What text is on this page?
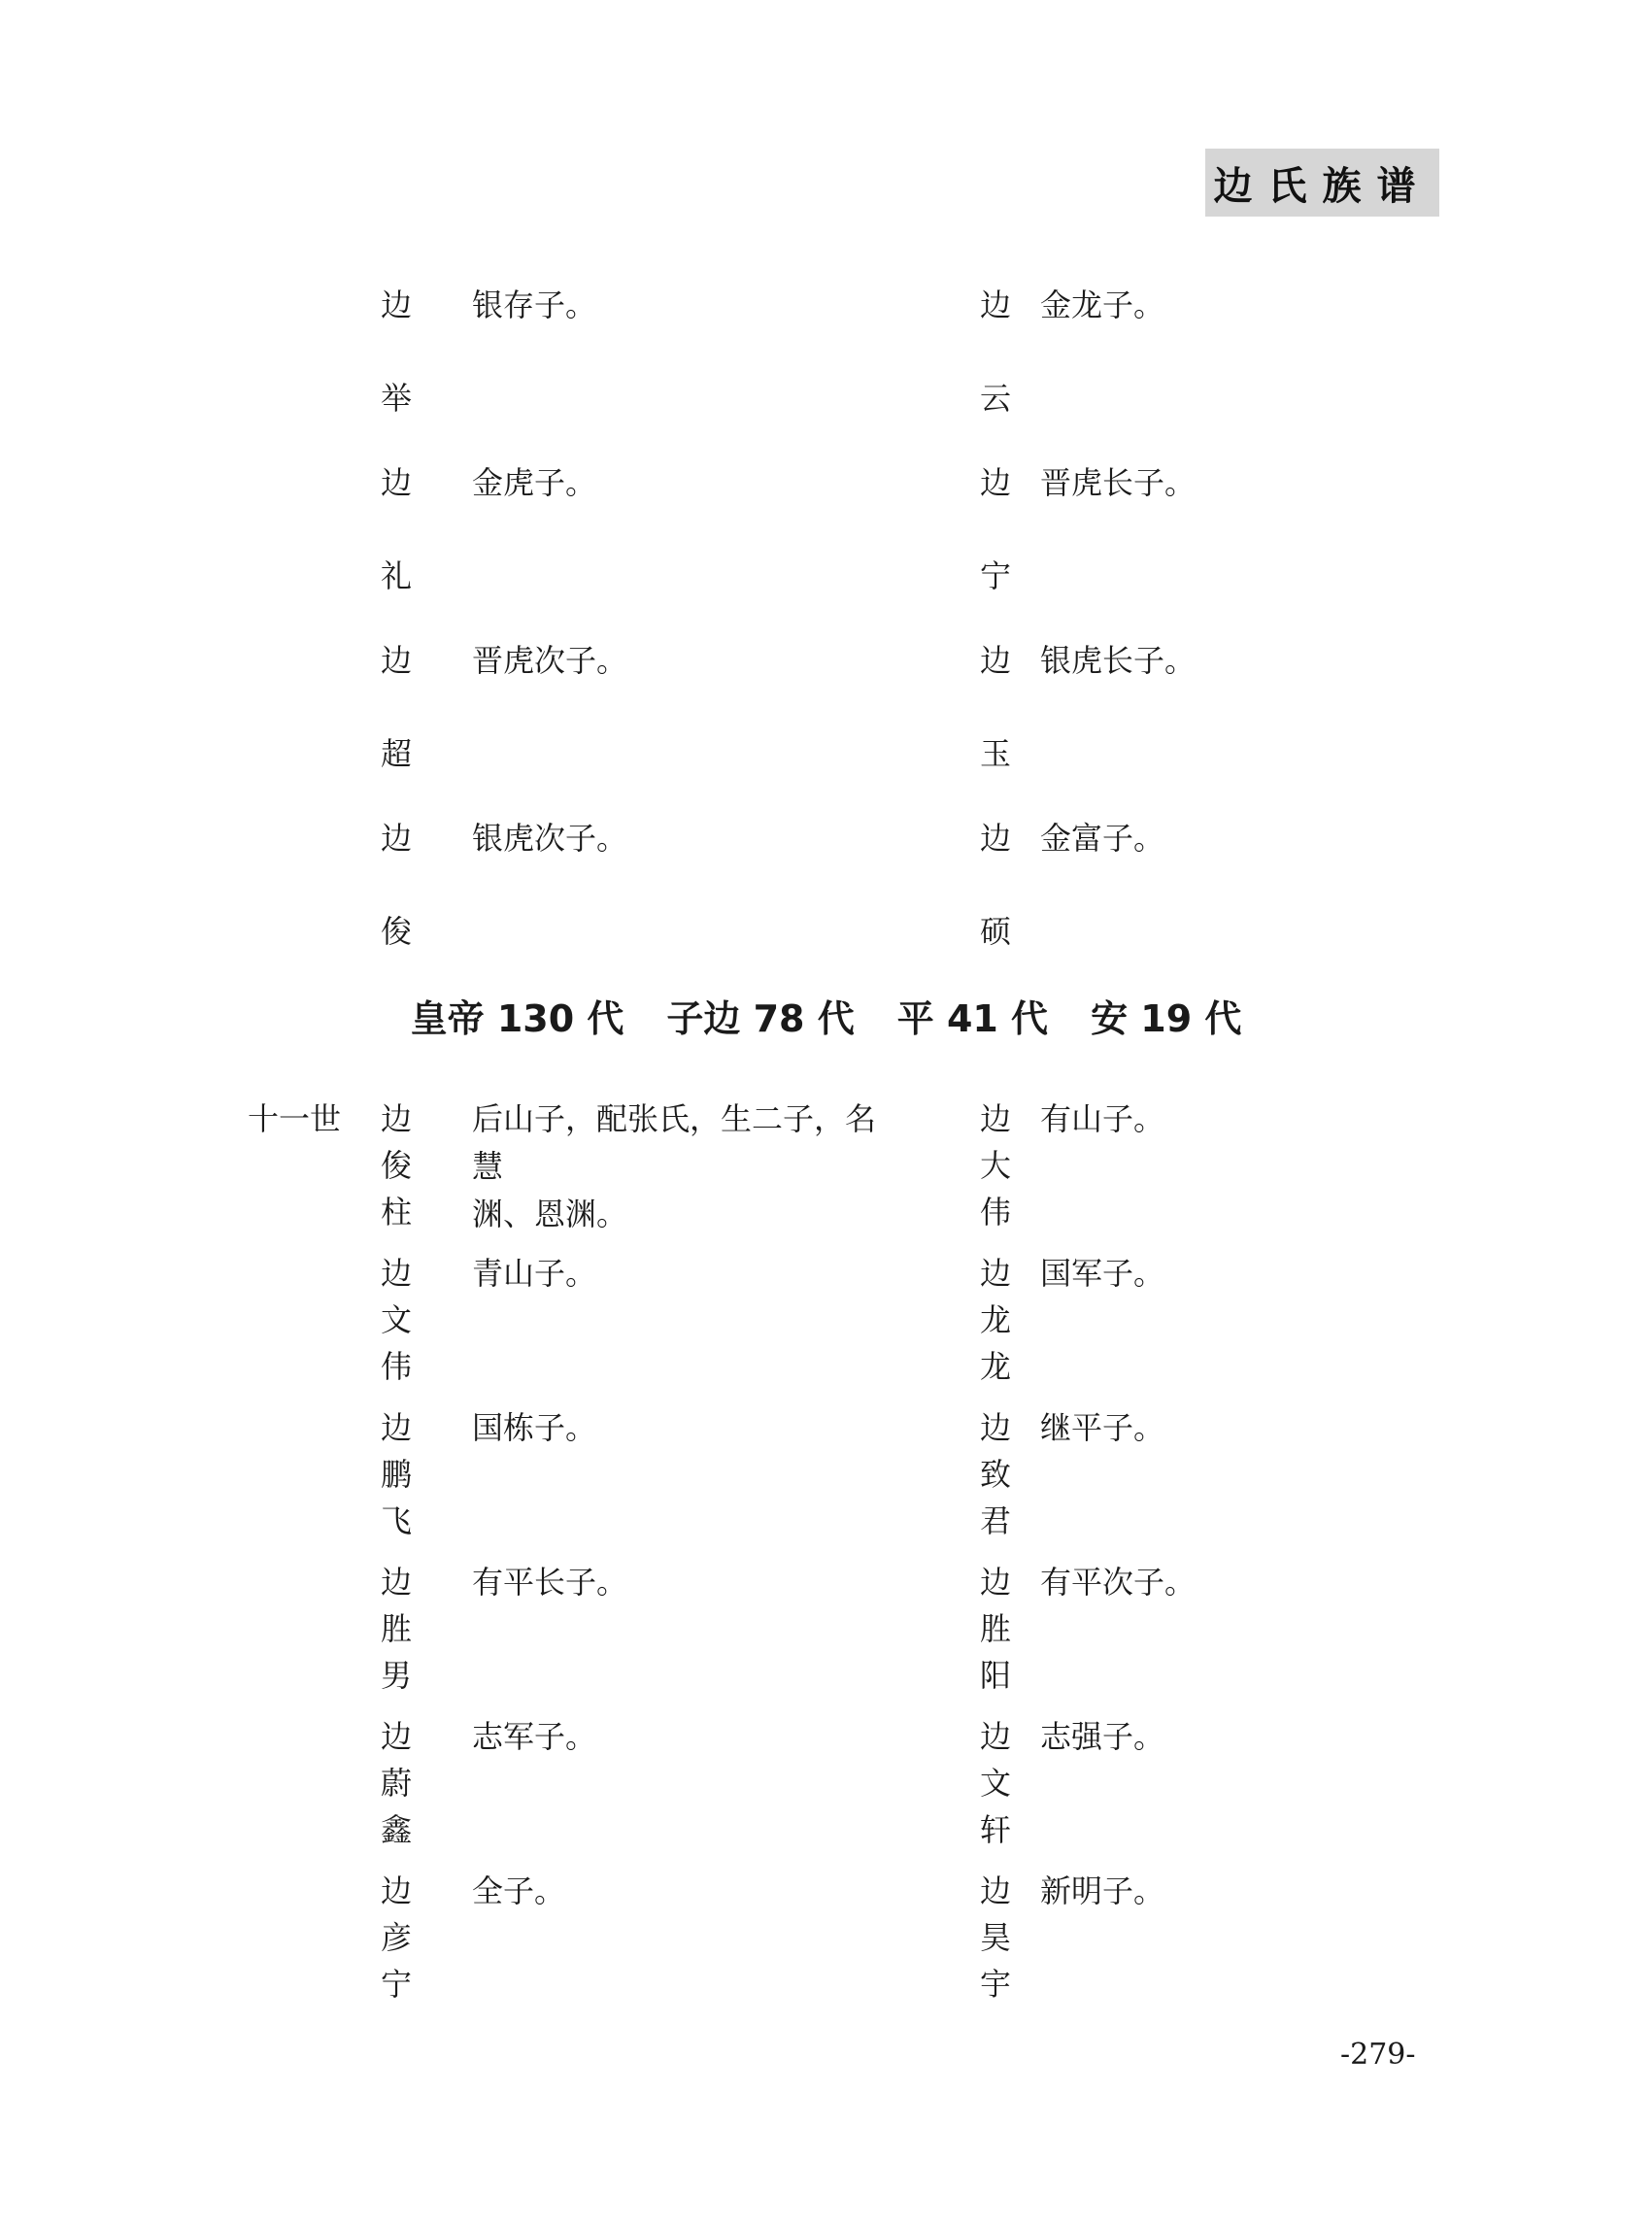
边氏族谱
边
举
银存子。
边
礼
金虎子。
边
超
晋虎次子。
边
俊
银虎次子。
边
云
金龙子。
边
宁
晋虎长子。
边
玉
银虎长子。
边
硕
金富子。
皇帝 130 代 子边 78 代 平 41 代 安 19 代
十一世 边
俊
柱
后山子，配张氏，生二子，名慧
渊、恩渊。
边
文
伟
青山子。
边
鹏
飞
国栋子。
边
胜
男
有平长子。
边
蔚
鑫
志军子。
边
彦
宁
全子。
边
大
伟
有山子。
边
龙
龙
国军子。
边
致
君
继平子。
边
胜
阳
有平次子。
边
文
轩
志强子。
边
昊
宇
新明子。
-279-
